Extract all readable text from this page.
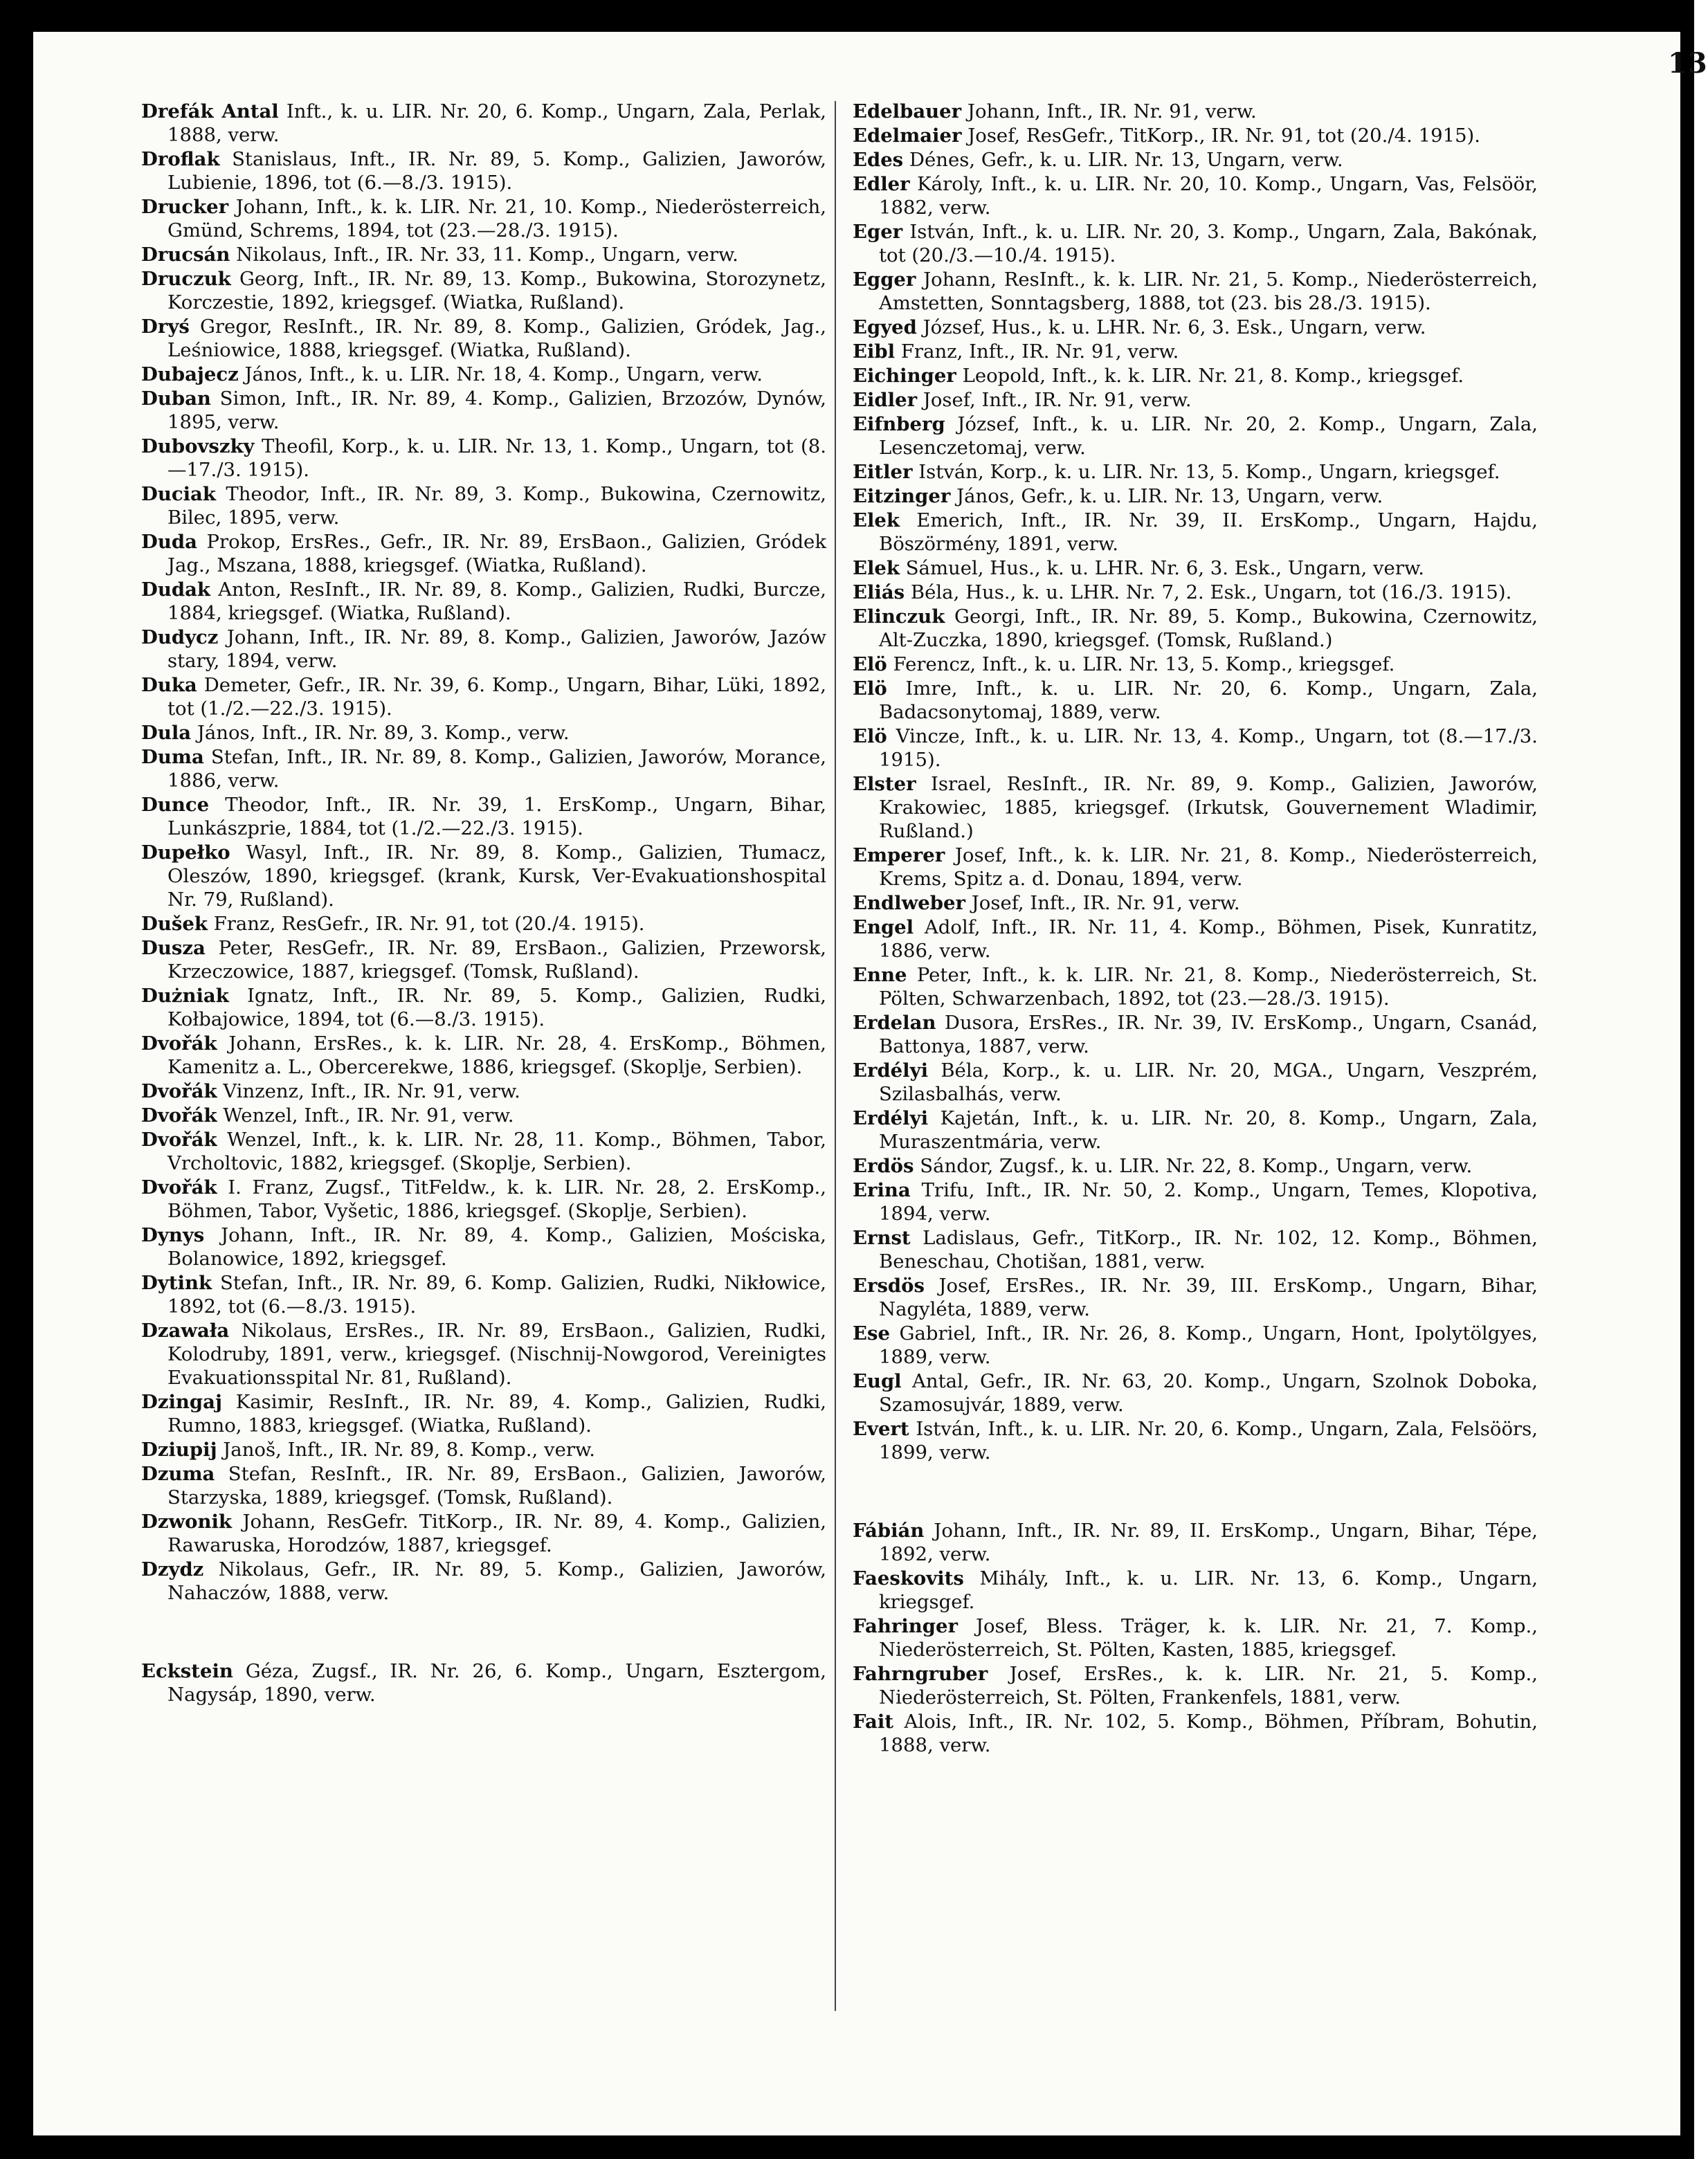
13
Drefák Antal Inft., k. u. LIR. Nr. 20, 6. Komp., Ungarn, Zala, Perlak, 1888, verw.
Droflak Stanislaus, Inft., IR. Nr. 89, 5. Komp., Galizien, Jaworów, Lubienie, 1896, tot (6.—8./3. 1915).
Drucker Johann, Inft., k. k. LIR. Nr. 21, 10. Komp., Niederösterreich, Gmünd, Schrems, 1894, tot (23.—28./3. 1915).
Drucsán Nikolaus, Inft., IR. Nr. 33, 11. Komp., Ungarn, verw.
Druczuk Georg, Inft., IR. Nr. 89, 13. Komp., Bukowina, Storozynetz, Korczestie, 1892, kriegsgef. (Wiatka, Rußland).
Dryś Gregor, ResInft., IR. Nr. 89, 8. Komp., Galizien, Gródek, Jag., Leśniowice, 1888, kriegsgef. (Wiatka, Rußland).
Dubajecz János, Inft., k. u. LIR. Nr. 18, 4. Komp., Ungarn, verw.
Duban Simon, Inft., IR. Nr. 89, 4. Komp., Galizien, Brzozów, Dynów, 1895, verw.
Dubovszky Theofil, Korp., k. u. LIR. Nr. 13, 1. Komp., Ungarn, tot (8.—17./3. 1915).
Duciak Theodor, Inft., IR. Nr. 89, 3. Komp., Bukowina, Czernowitz, Bilec, 1895, verw.
Duda Prokop, ErsRes., Gefr., IR. Nr. 89, ErsBaon., Galizien, Gródek Jag., Mszana, 1888, kriegsgef. (Wiatka, Rußland).
Dudak Anton, ResInft., IR. Nr. 89, 8. Komp., Galizien, Rudki, Burcze, 1884, kriegsgef. (Wiatka, Rußland).
Dudycz Johann, Inft., IR. Nr. 89, 8. Komp., Galizien, Jaworów, Jazów stary, 1894, verw.
Duka Demeter, Gefr., IR. Nr. 39, 6. Komp., Ungarn, Bihar, Lüki, 1892, tot (1./2.—22./3. 1915).
Dula János, Inft., IR. Nr. 89, 3. Komp., verw.
Duma Stefan, Inft., IR. Nr. 89, 8. Komp., Galizien, Jaworów, Morance, 1886, verw.
Dunce Theodor, Inft., IR. Nr. 39, 1. ErsKomp., Ungarn, Bihar, Lunkászprie, 1884, tot (1./2.—22./3. 1915).
Dupełko Wasyl, Inft., IR. Nr. 89, 8. Komp., Galizien, Tłumacz, Oleszów, 1890, kriegsgef. (krank, Kursk, Ver-Evakuationshospital Nr. 79, Rußland).
Dušek Franz, ResGefr., IR. Nr. 91, tot (20./4. 1915).
Dusza Peter, ResGefr., IR. Nr. 89, ErsBaon., Galizien, Przeworsk, Krzeczowice, 1887, kriegsgef. (Tomsk, Rußland).
Dużniak Ignatz, Inft., IR. Nr. 89, 5. Komp., Galizien, Rudki, Kołbajowice, 1894, tot (6.—8./3. 1915).
Dvořák Johann, ErsRes., k. k. LIR. Nr. 28, 4. ErsKomp., Böhmen, Kamenitz a. L., Obercerekwe, 1886, kriegsgef. (Skoplje, Serbien).
Dvořák Vinzenz, Inft., IR. Nr. 91, verw.
Dvořák Wenzel, Inft., IR. Nr. 91, verw.
Dvořák Wenzel, Inft., k. k. LIR. Nr. 28, 11. Komp., Böhmen, Tabor, Vrcholtovic, 1882, kriegsgef. (Skoplje, Serbien).
Dvořák I. Franz, Zugsf., TitFeldw., k. k. LIR. Nr. 28, 2. ErsKomp., Böhmen, Tabor, Vyšetic, 1886, kriegsgef. (Skoplje, Serbien).
Dynys Johann, Inft., IR. Nr. 89, 4. Komp., Galizien, Mościska, Bolanowice, 1892, kriegsgef.
Dytink Stefan, Inft., IR. Nr. 89, 6. Komp. Galizien, Rudki, Nikłowice, 1892, tot (6.—8./3. 1915).
Dzawała Nikolaus, ErsRes., IR. Nr. 89, ErsBaon., Galizien, Rudki, Kolodruby, 1891, verw., kriegsgef. (Nischnij-Nowgorod, Vereinigtes Evakuationsspital Nr. 81, Rußland).
Dzingaj Kasimir, ResInft., IR. Nr. 89, 4. Komp., Galizien, Rudki, Rumno, 1883, kriegsgef. (Wiatka, Rußland).
Dziupij Janoš, Inft., IR. Nr. 89, 8. Komp., verw.
Dzuma Stefan, ResInft., IR. Nr. 89, ErsBaon., Galizien, Jaworów, Starzyska, 1889, kriegsgef. (Tomsk, Rußland).
Dzwonik Johann, ResGefr. TitKorp., IR. Nr. 89, 4. Komp., Galizien, Rawaruska, Horodzów, 1887, kriegsgef.
Dzydz Nikolaus, Gefr., IR. Nr. 89, 5. Komp., Galizien, Jaworów, Nahaczów, 1888, verw.
Eckstein Géza, Zugsf., IR. Nr. 26, 6. Komp., Ungarn, Esztergom, Nagysáp, 1890, verw.
Edelbauer Johann, Inft., IR. Nr. 91, verw.
Edelmaier Josef, ResGefr., TitKorp., IR. Nr. 91, tot (20./4. 1915).
Edes Dénes, Gefr., k. u. LIR. Nr. 13, Ungarn, verw.
Edler Károly, Inft., k. u. LIR. Nr. 20, 10. Komp., Ungarn, Vas, Felsöör, 1882, verw.
Eger István, Inft., k. u. LIR. Nr. 20, 3. Komp., Ungarn, Zala, Bakónak, tot (20./3.—10./4. 1915).
Egger Johann, ResInft., k. k. LIR. Nr. 21, 5. Komp., Niederösterreich, Amstetten, Sonntagsberg, 1888, tot (23. bis 28./3. 1915).
Egyed József, Hus., k. u. LHR. Nr. 6, 3. Esk., Ungarn, verw.
Eibl Franz, Inft., IR. Nr. 91, verw.
Eichinger Leopold, Inft., k. k. LIR. Nr. 21, 8. Komp., kriegsgef.
Eidler Josef, Inft., IR. Nr. 91, verw.
Eifnberg József, Inft., k. u. LIR. Nr. 20, 2. Komp., Ungarn, Zala, Lesenczetomaj, verw.
Eitler István, Korp., k. u. LIR. Nr. 13, 5. Komp., Ungarn, kriegsgef.
Eitzinger János, Gefr., k. u. LIR. Nr. 13, Ungarn, verw.
Elek Emerich, Inft., IR. Nr. 39, II. ErsKomp., Ungarn, Hajdu, Böszörmény, 1891, verw.
Elek Sámuel, Hus., k. u. LHR. Nr. 6, 3. Esk., Ungarn, verw.
Eliás Béla, Hus., k. u. LHR. Nr. 7, 2. Esk., Ungarn, tot (16./3. 1915).
Elinczuk Georgi, Inft., IR. Nr. 89, 5. Komp., Bukowina, Czernowitz, Alt-Zuczka, 1890, kriegsgef. (Tomsk, Rußland.)
Elö Ferencz, Inft., k. u. LIR. Nr. 13, 5. Komp., kriegsgef.
Elö Imre, Inft., k. u. LIR. Nr. 20, 6. Komp., Ungarn, Zala, Badacsonytomaj, 1889, verw.
Elö Vincze, Inft., k. u. LIR. Nr. 13, 4. Komp., Ungarn, tot (8.—17./3. 1915).
Elster Israel, ResInft., IR. Nr. 89, 9. Komp., Galizien, Jaworów, Krakowiec, 1885, kriegsgef. (Irkutsk, Gouvernement Wladimir, Rußland.)
Emperer Josef, Inft., k. k. LIR. Nr. 21, 8. Komp., Niederösterreich, Krems, Spitz a. d. Donau, 1894, verw.
Endlweber Josef, Inft., IR. Nr. 91, verw.
Engel Adolf, Inft., IR. Nr. 11, 4. Komp., Böhmen, Pisek, Kunratitz, 1886, verw.
Enne Peter, Inft., k. k. LIR. Nr. 21, 8. Komp., Niederösterreich, St. Pölten, Schwarzenbach, 1892, tot (23.—28./3. 1915).
Erdelan Dusora, ErsRes., IR. Nr. 39, IV. ErsKomp., Ungarn, Csanád, Battonya, 1887, verw.
Erdélyi Béla, Korp., k. u. LIR. Nr. 20, MGA., Ungarn, Veszprém, Szilasbalhás, verw.
Erdélyi Kajetán, Inft., k. u. LIR. Nr. 20, 8. Komp., Ungarn, Zala, Muraszentmária, verw.
Erdös Sándor, Zugsf., k. u. LIR. Nr. 22, 8. Komp., Ungarn, verw.
Erina Trifu, Inft., IR. Nr. 50, 2. Komp., Ungarn, Temes, Klopotiva, 1894, verw.
Ernst Ladislaus, Gefr., TitKorp., IR. Nr. 102, 12. Komp., Böhmen, Beneschau, Chotišan, 1881, verw.
Ersdös Josef, ErsRes., IR. Nr. 39, III. ErsKomp., Ungarn, Bihar, Nagyléta, 1889, verw.
Ese Gabriel, Inft., IR. Nr. 26, 8. Komp., Ungarn, Hont, Ipolytölgyes, 1889, verw.
Eugl Antal, Gefr., IR. Nr. 63, 20. Komp., Ungarn, Szolnok Doboka, Szamosujvár, 1889, verw.
Evert István, Inft., k. u. LIR. Nr. 20, 6. Komp., Ungarn, Zala, Felsöörs, 1899, verw.
Fábián Johann, Inft., IR. Nr. 89, II. ErsKomp., Ungarn, Bihar, Tépe, 1892, verw.
Faeskovits Mihály, Inft., k. u. LIR. Nr. 13, 6. Komp., Ungarn, kriegsgef.
Fahringer Josef, Bless. Träger, k. k. LIR. Nr. 21, 7. Komp., Niederösterreich, St. Pölten, Kasten, 1885, kriegsgef.
Fahrngruber Josef, ErsRes., k. k. LIR. Nr. 21, 5. Komp., Niederösterreich, St. Pölten, Frankenfels, 1881, verw.
Fait Alois, Inft., IR. Nr. 102, 5. Komp., Böhmen, Příbram, Bohutin, 1888, verw.
